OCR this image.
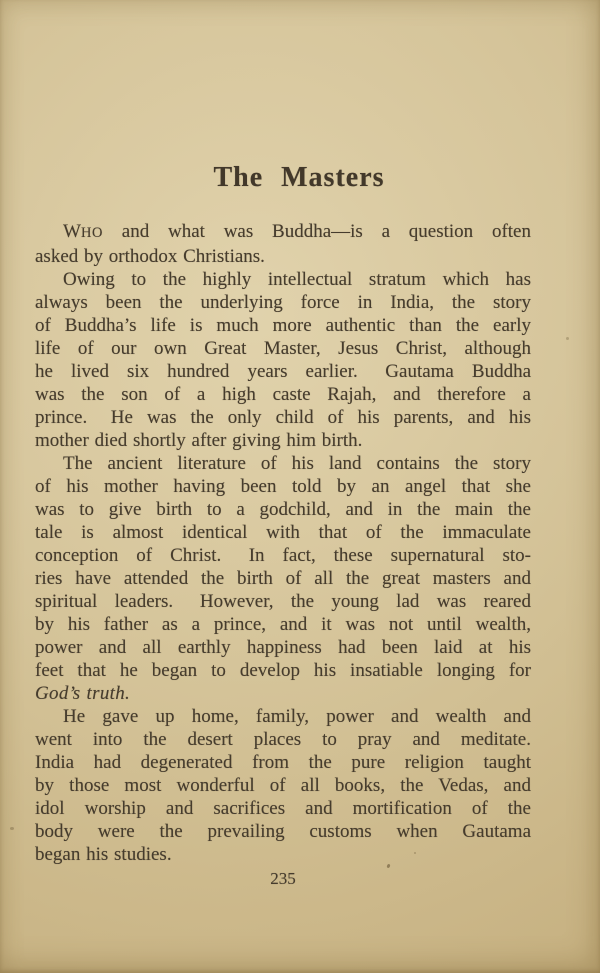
The Masters
WHO and what was Buddha—is a question often
asked by orthodox Christians.
Owing to the highly intellectual stratum which has
always been the underlying force in India, the story
of Buddha’s life is much more authentic than the early
life of our own Great Master, Jesus Christ, although
he lived six hundred years earlier.  Gautama Buddha
was the son of a high caste Rajah, and therefore a
prince.  He was the only child of his parents, and his
mother died shortly after giving him birth.
The ancient literature of his land contains the story
of his mother having been told by an angel that she
was to give birth to a godchild, and in the main the
tale is almost identical with that of the immaculate
conception of Christ.  In fact, these supernatural sto-
ries have attended the birth of all the great masters and
spiritual leaders.  However, the young lad was reared
by his father as a prince, and it was not until wealth,
power and all earthly happiness had been laid at his
feet that he began to develop his insatiable longing for
God’s truth.
He gave up home, family, power and wealth and
went into the desert places to pray and meditate.
India had degenerated from the pure religion taught
by those most wonderful of all books, the Vedas, and
idol worship and sacrifices and mortification of the
body were the prevailing customs when Gautama
began his studies.
235
